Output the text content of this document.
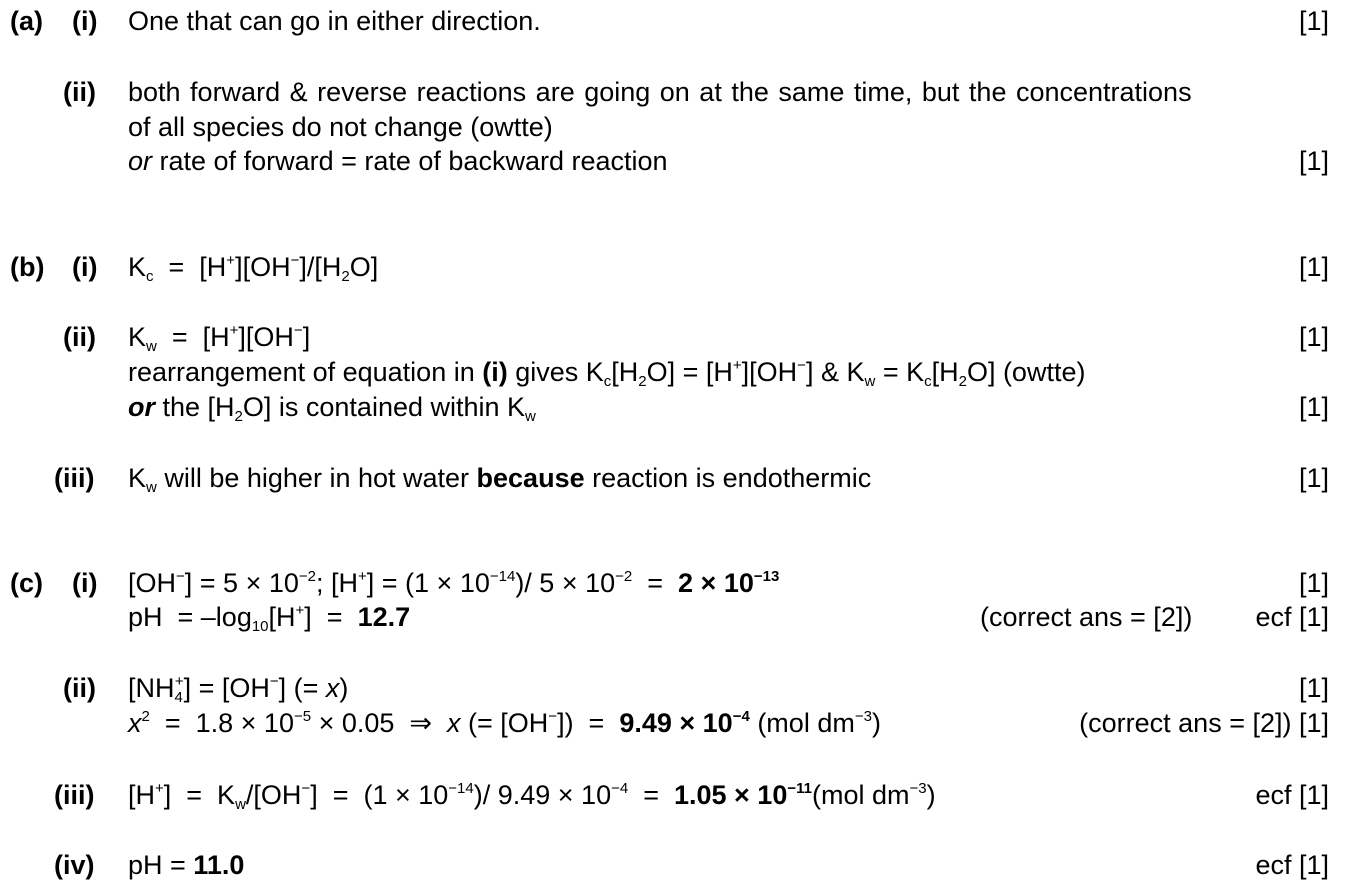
(a) (i) One that can go in either direction.	[1]
(ii) both forward & reverse reactions are going on at the same time, but the concentrations
of all species do not change (owtte)
or rate of forward = rate of backward reaction	[1]
(b) (i) $K_c = [H^+][OH^-]/[H_2O]$	[1]
(ii) $K_w = [H^+][OH^-]$	[1]
rearrangement of equation in (i) gives $K_c[H_2O] = [H^+][OH^-]$ & $K_w = K_c[H_2O]$ (owtte)
or the $[H_2O]$ is contained within $K_w$	[1]
(iii) $K_w$ will be higher in hot water because reaction is endothermic	[1]
(c) (i) $[OH^-] = 5 \times 10^{-2}$; $[H^+] = (1 \times 10^{-14})/$ $5 \times 10^{-2} = 2 \times 10^{-13}$	[1]
pH  = $-\log_{10}[H^+] = 12.7$	(correct ans = [2]) ecf [1]
(ii) $[NH_4^+] = [OH^-]$ (= x)	[1]
$x^2 = 1.8 \times 10^{-5} \times 0.05$  ⇒  x (= $[OH^-]) = 9.49 \times 10^{-4}$ (mol $dm^{-3}$)	(correct ans = [2]) [1]
(iii) $[H^+] = K_w/[OH^-] = (1 \times 10^{-14})/$ $9.49 \times 10^{-4} = 1.05 \times 10^{-11}(mol$ $dm^{-3}$)	ecf [1]
(iv) pH = 11.0	ecf [1]
